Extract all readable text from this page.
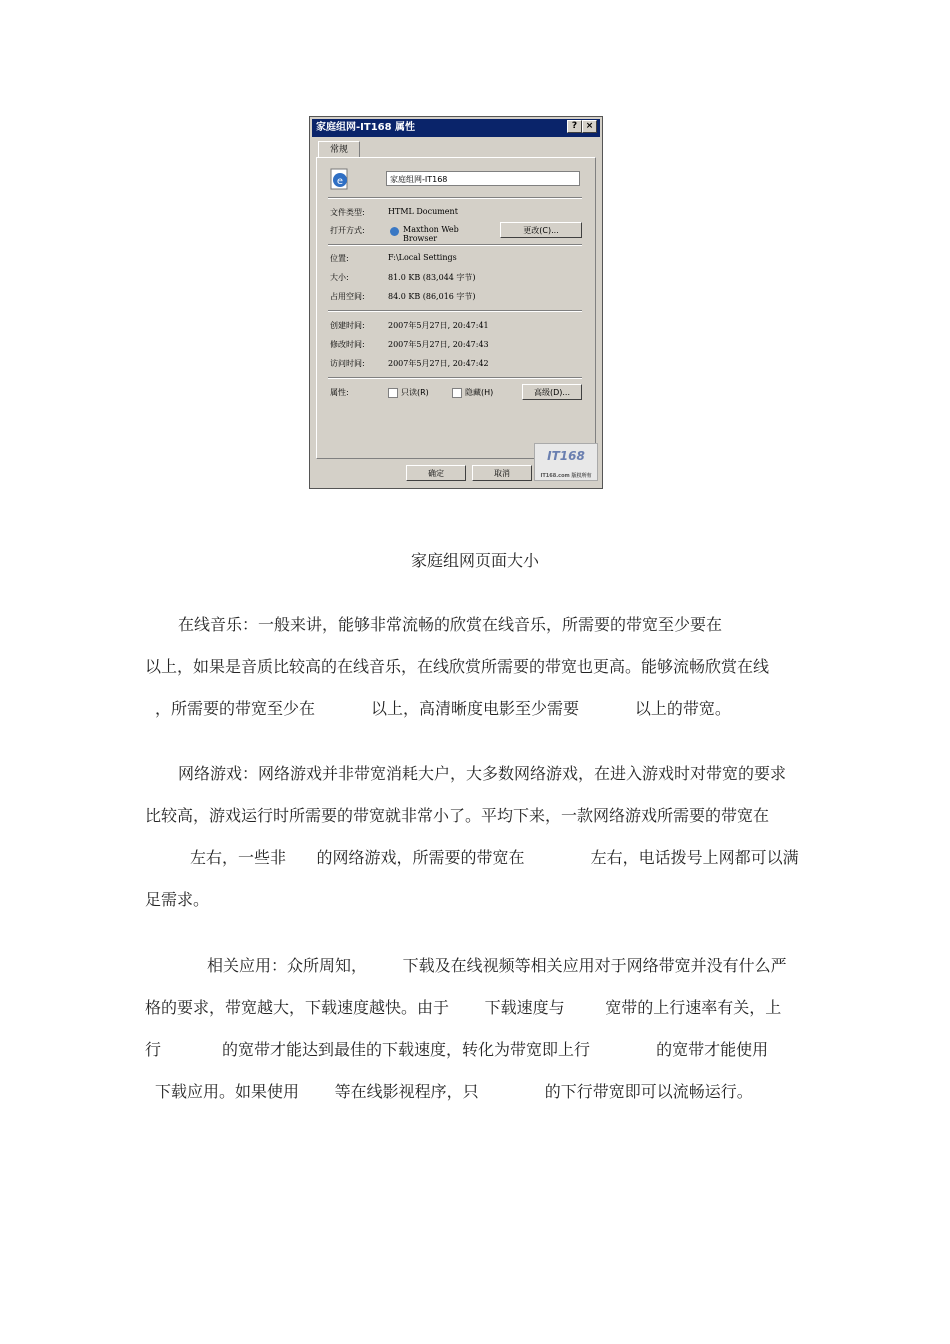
家庭组网-IT168 属性	? ×
常规
e	家庭组网-IT168
文件类型:	HTML Document
打开方式:	Maxthon Web Browser
更改(C)...
位置:	F:\Local Settings
大小:	81.0 KB (83,044 字节)
占用空间:	84.0 KB (86,016 字节)
创建时间:	2007年5月27日, 20:47:41
修改时间:	2007年5月27日, 20:47:43
访问时间:	2007年5月27日, 20:47:42
属性:	只读(R)	隐藏(H)	高级(D)...
确定	取消
IT168
IT168.com 版权所有
家庭组网页面大小
在线音乐：一般来讲，能够非常流畅的欣赏在线音乐，所需要的带宽至少要在
以上，如果是音质比较高的在线音乐，在线欣赏所需要的带宽也更高。能够流畅欣赏在线
，所需要的带宽至少在           以上，高清晰度电影至少需要           以上的带宽。
网络游戏：网络游戏并非带宽消耗大户，大多数网络游戏，在进入游戏时对带宽的要求
比较高，游戏运行时所需要的带宽就非常小了。平均下来，一款网络游戏所需要的带宽在
左右，一些非      的网络游戏，所需要的带宽在             左右，电话拨号上网都可以满
足需求。
相关应用：众所周知，       下载及在线视频等相关应用对于网络带宽并没有什么严
格的要求，带宽越大，下载速度越快。由于       下载速度与        宽带的上行速率有关，上
行            的宽带才能达到最佳的下载速度，转化为带宽即上行             的宽带才能使用
下载应用。如果使用       等在线影视程序，只             的下行带宽即可以流畅运行。
